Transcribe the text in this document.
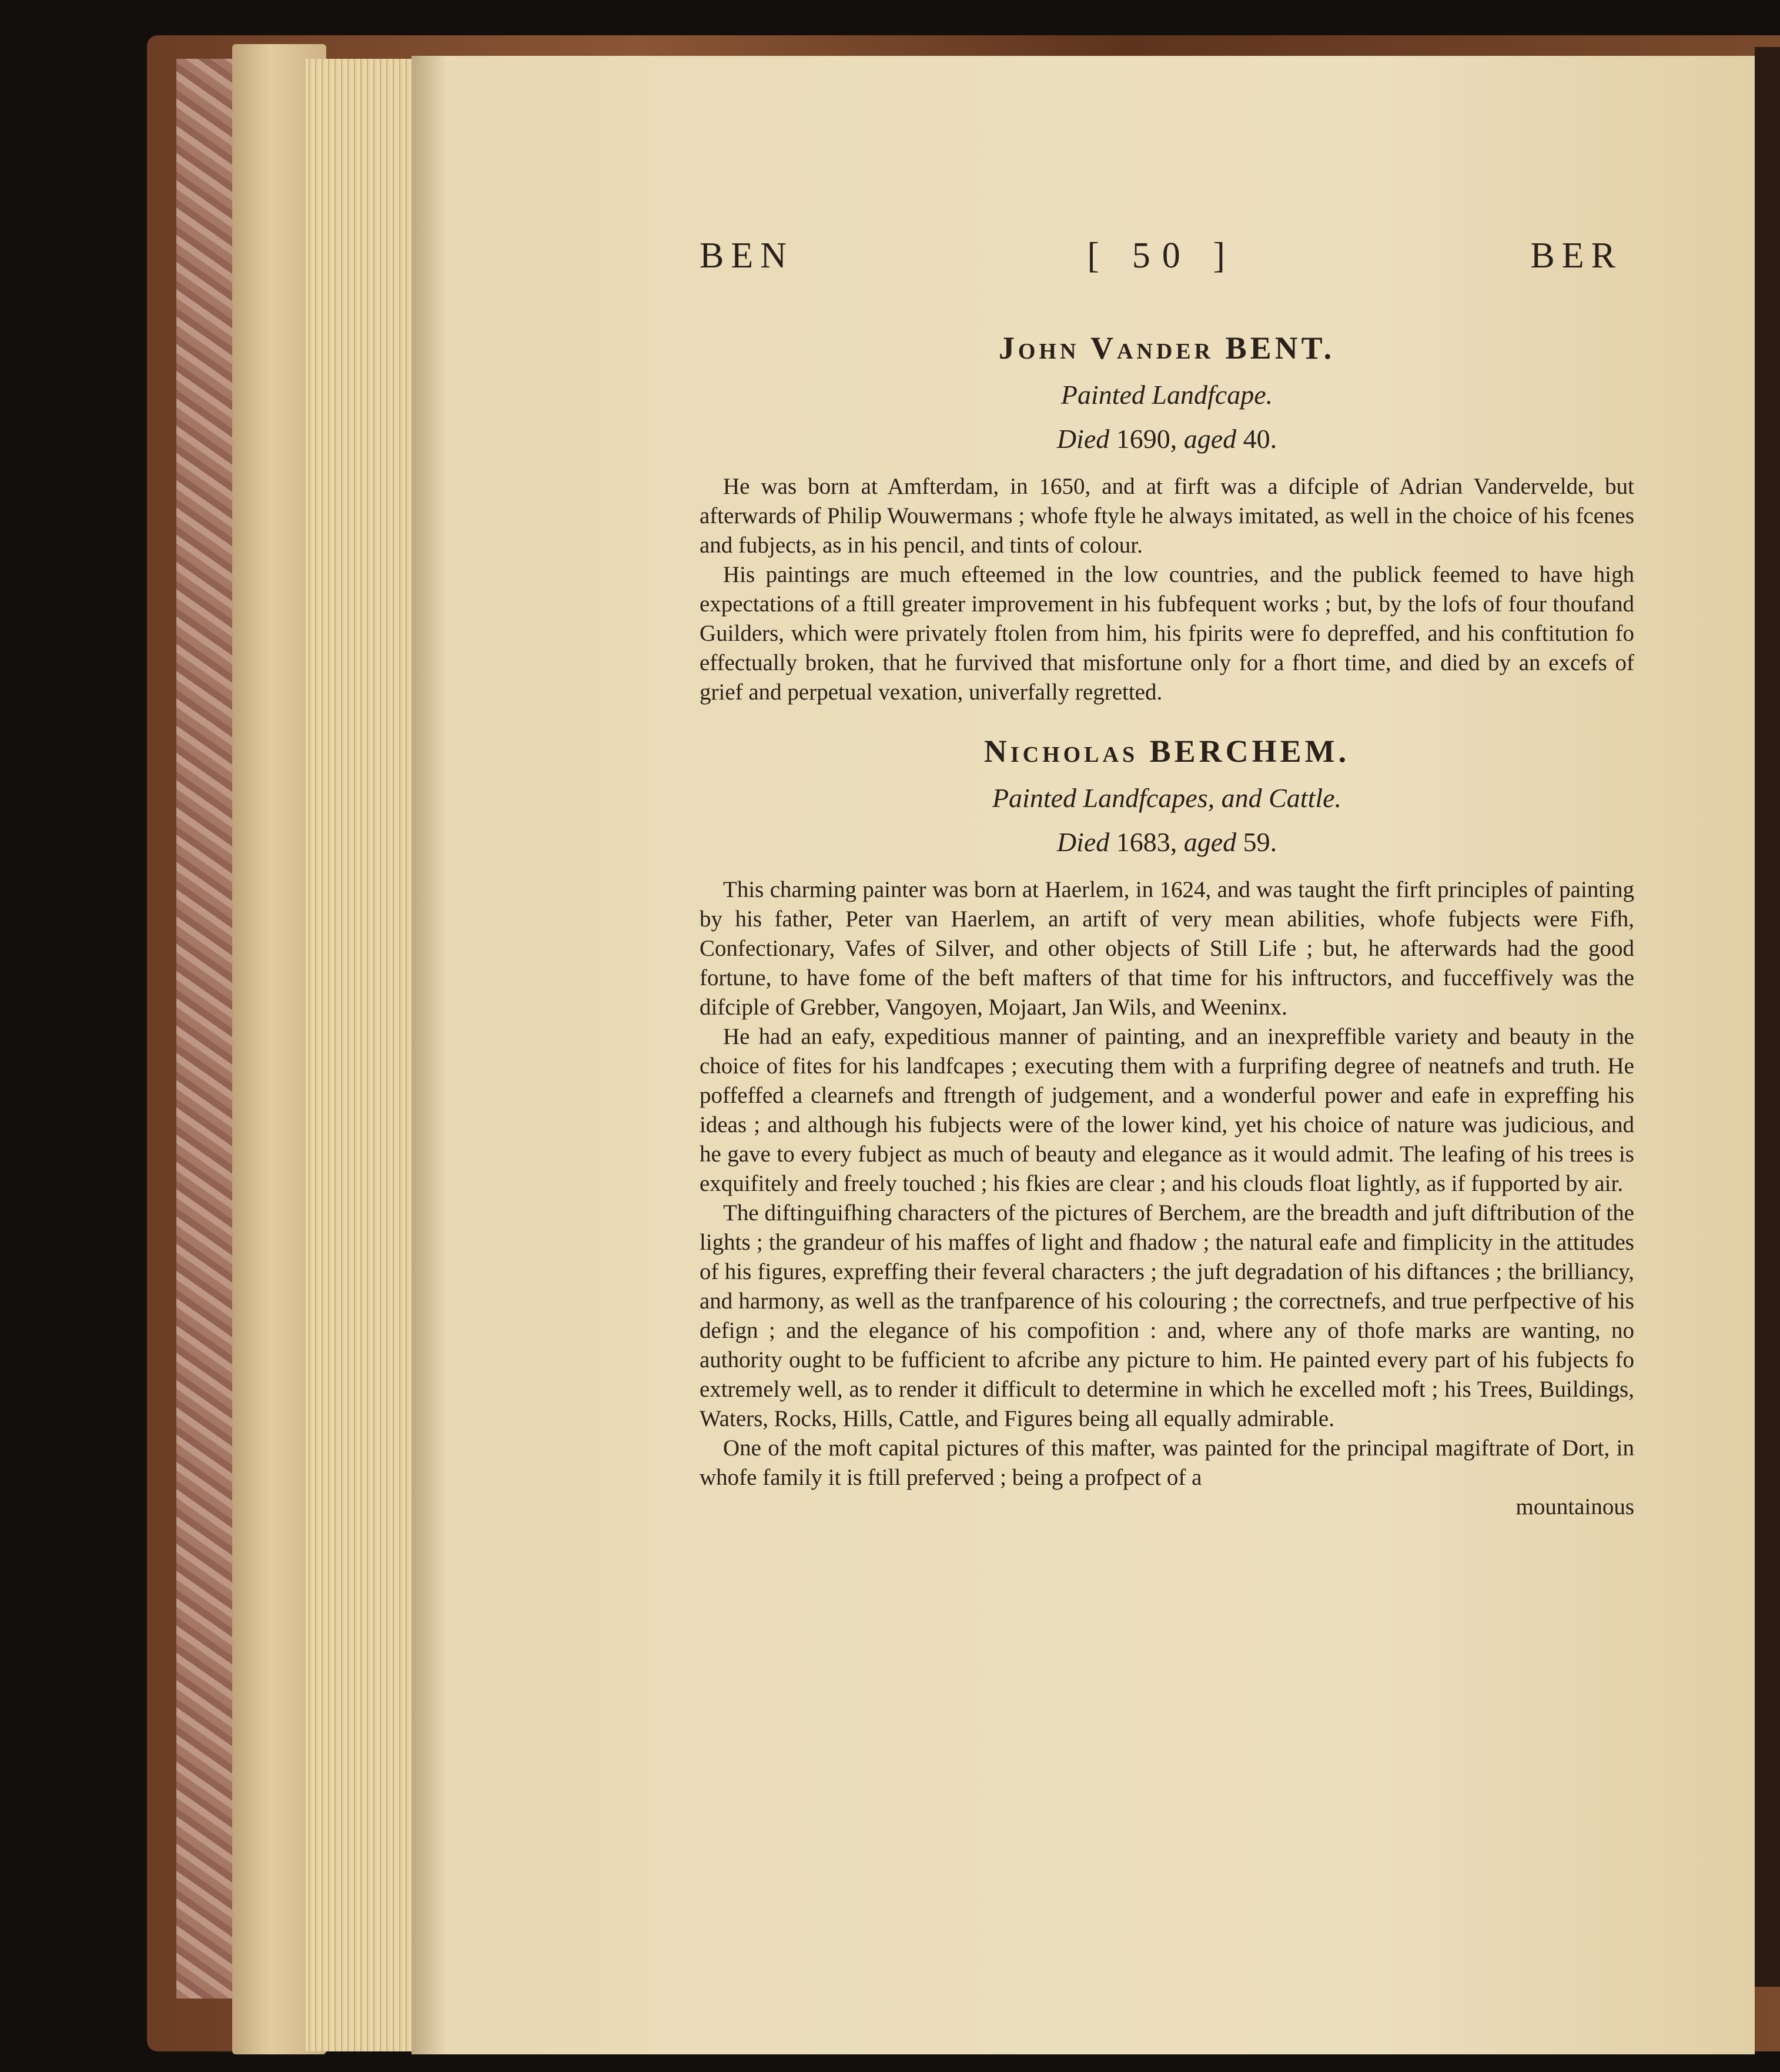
BEN	[ 50 ]	BER
John Vander BENT.

Painted Landfcape.

Died 1690, aged 40.

He was born at Amfterdam, in 1650, and at firft was a difciple of Adrian Vandervelde, but afterwards of Philip Wouwermans ; whofe ftyle he always imitated, as well in the choice of his fcenes and fubjects, as in his pencil, and tints of colour.

His paintings are much efteemed in the low countries, and the publick feemed to have high expectations of a ftill greater improvement in his fubfequent works ; but, by the lofs of four thoufand Guilders, which were privately ftolen from him, his fpirits were fo depreffed, and his conftitution fo effectually broken, that he furvived that misfortune only for a fhort time, and died by an excefs of grief and perpetual vexation, univerfally regretted.

Nicholas BERCHEM.

Painted Landfcapes, and Cattle.

Died 1683, aged 59.

This charming painter was born at Haerlem, in 1624, and was taught the firft principles of painting by his father, Peter van Haerlem, an artift of very mean abilities, whofe fubjects were Fifh, Confectionary, Vafes of Silver, and other objects of Still Life ; but, he afterwards had the good fortune, to have fome of the beft mafters of that time for his inftructors, and fucceffively was the difciple of Grebber, Vangoyen, Mojaart, Jan Wils, and Weeninx.

He had an eafy, expeditious manner of painting, and an inexpreffible variety and beauty in the choice of fites for his landfcapes ; executing them with a furprifing degree of neatnefs and truth. He poffeffed a clearnefs and ftrength of judgement, and a wonderful power and eafe in expreffing his ideas ; and although his fubjects were of the lower kind, yet his choice of nature was judicious, and he gave to every fubject as much of beauty and elegance as it would admit. The leafing of his trees is exquifitely and freely touched ; his fkies are clear ; and his clouds float lightly, as if fupported by air.

The diftinguifhing characters of the pictures of Berchem, are the breadth and juft diftribution of the lights ; the grandeur of his maffes of light and fhadow ; the natural eafe and fimplicity in the attitudes of his figures, expreffing their feveral characters ; the juft degradation of his diftances ; the brilliancy, and harmony, as well as the tranfparence of his colouring ; the correctnefs, and true perfpective of his defign ; and the elegance of his compofition : and, where any of thofe marks are wanting, no authority ought to be fufficient to afcribe any picture to him. He painted every part of his fubjects fo extremely well, as to render it difficult to determine in which he excelled moft ; his Trees, Buildings, Waters, Rocks, Hills, Cattle, and Figures being all equally admirable.

One of the moft capital pictures of this mafter, was painted for the principal magiftrate of Dort, in whofe family it is ftill preferved ; being a profpect of a

mountainous
